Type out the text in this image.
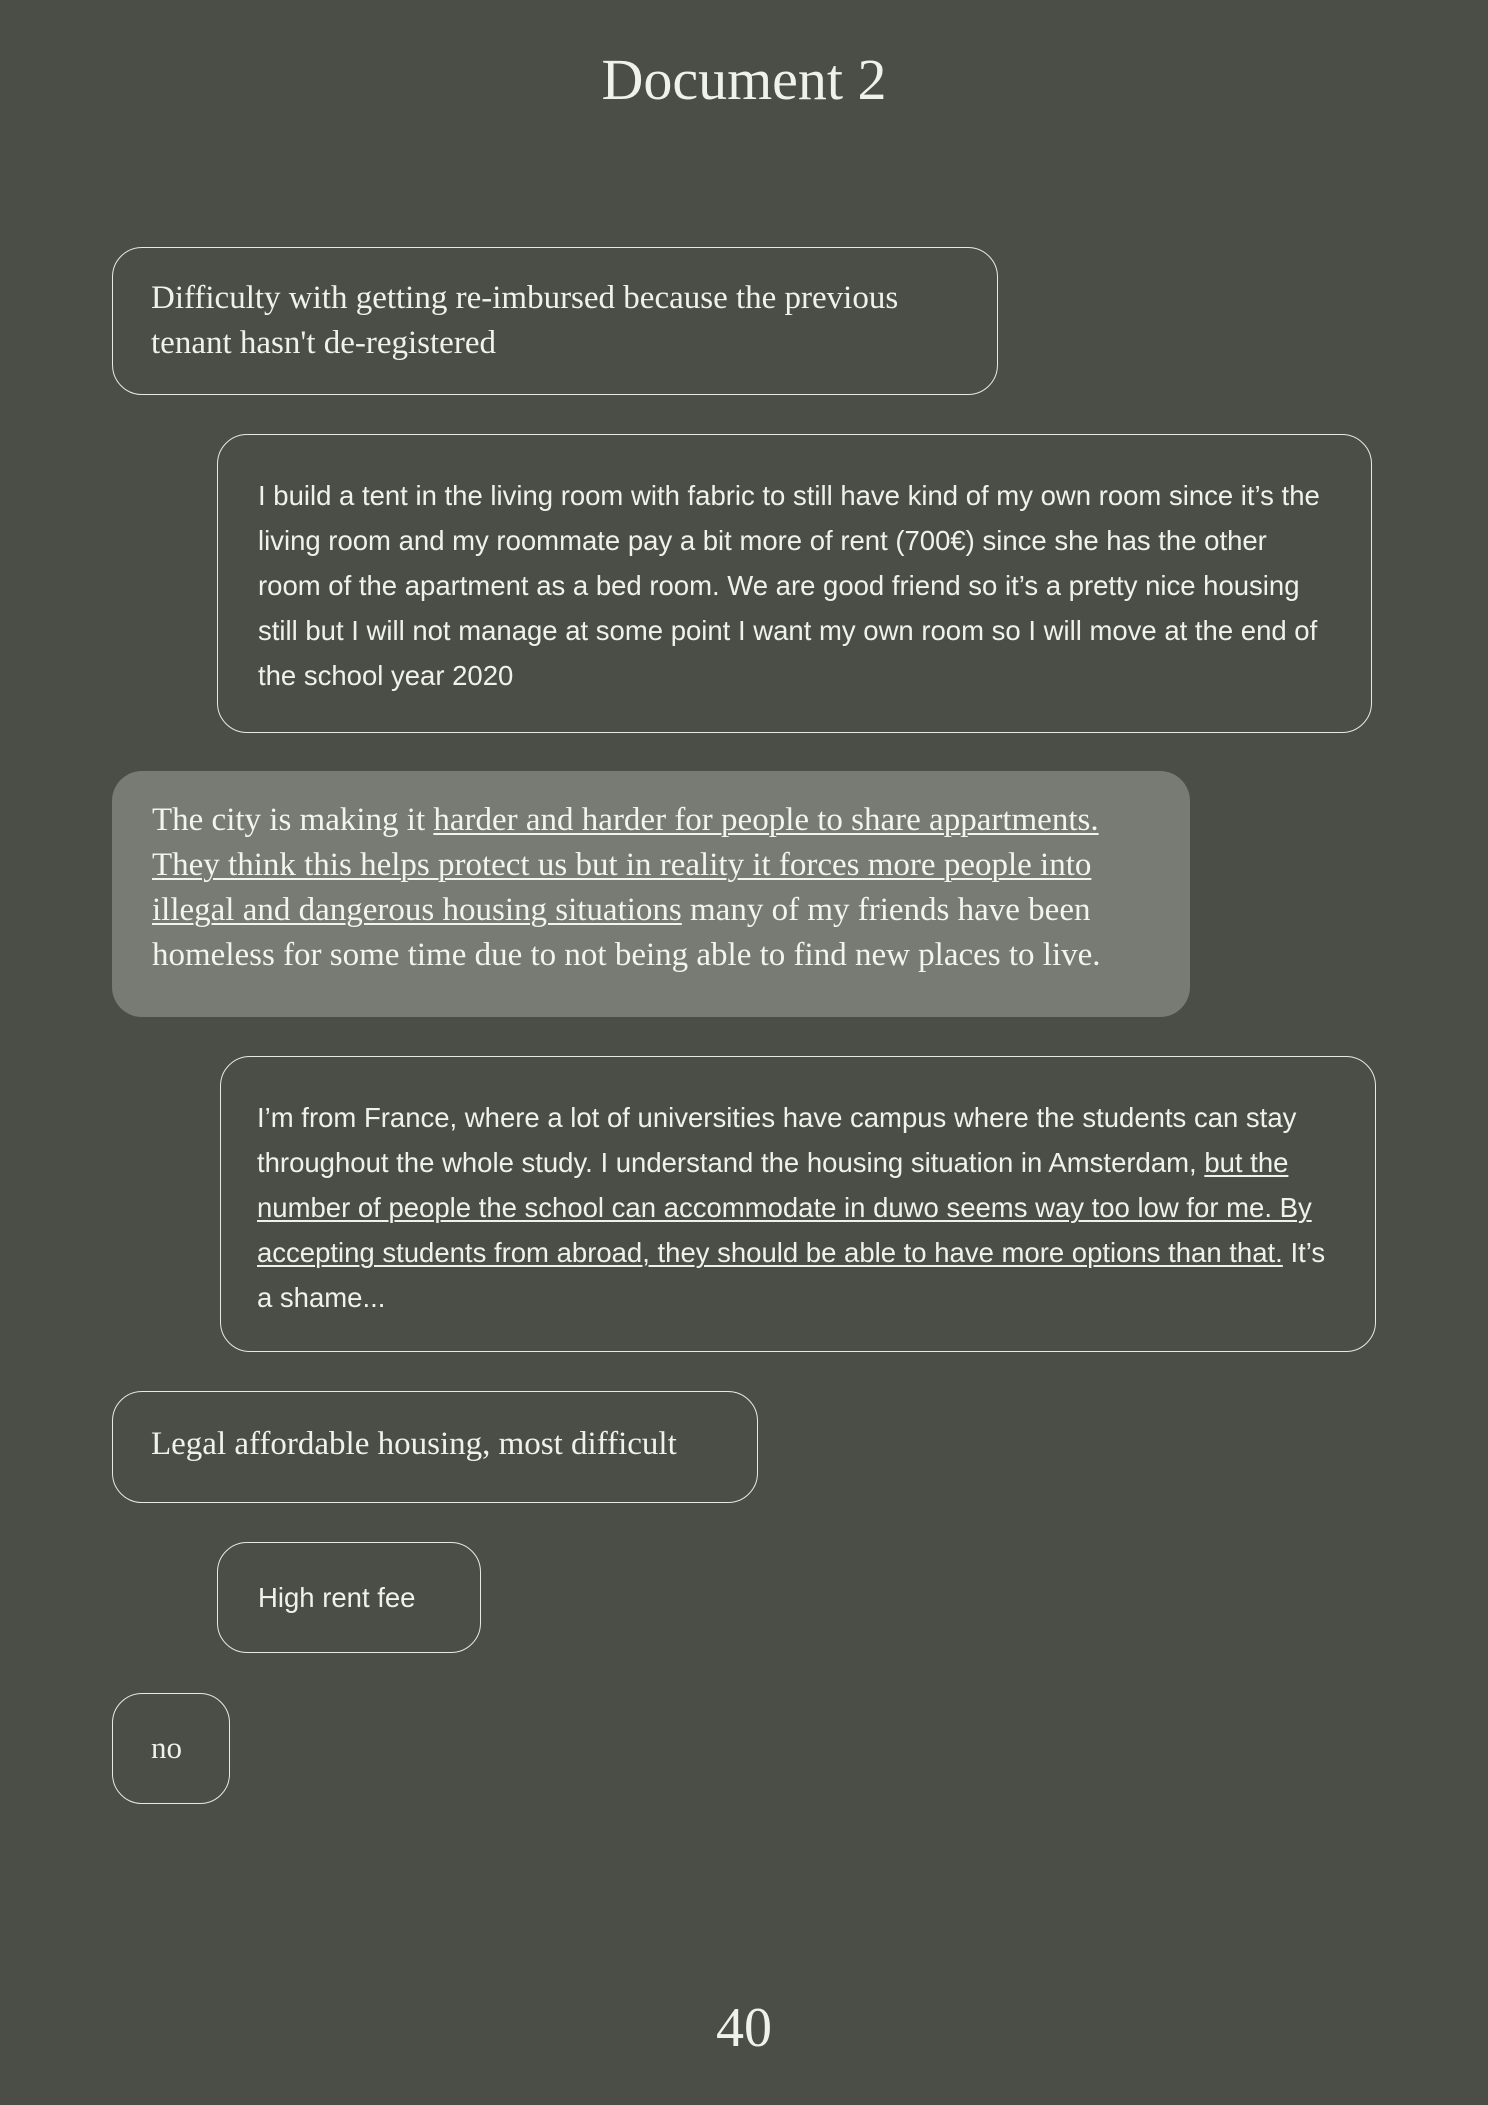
Document 2
Difficulty with getting re-imbursed because the previous tenant hasn't de-registered
I build a tent in the living room with fabric to still have kind of my own room since it’s the living room and my roommate pay a bit more of rent (700€) since she has the other room of the apartment as a bed room. We are good friend so it’s a pretty nice housing still but I will not manage at some point I want my own room so I will move at the end of the school year 2020
The city is making it harder and harder for people to share appartments. They think this helps protect us but in reality it forces more people into illegal and dangerous housing situations many of my friends have been homeless for some time due to not being able to find new places to live.
I’m from France, where a lot of universities have campus where the students can stay throughout the whole study. I understand the housing situation in Amsterdam, but the number of people the school can accommodate in duwo seems way too low for me. By accepting students from abroad, they should be able to have more options than that. It’s a shame...
Legal affordable housing, most difficult
High rent fee
no
40
